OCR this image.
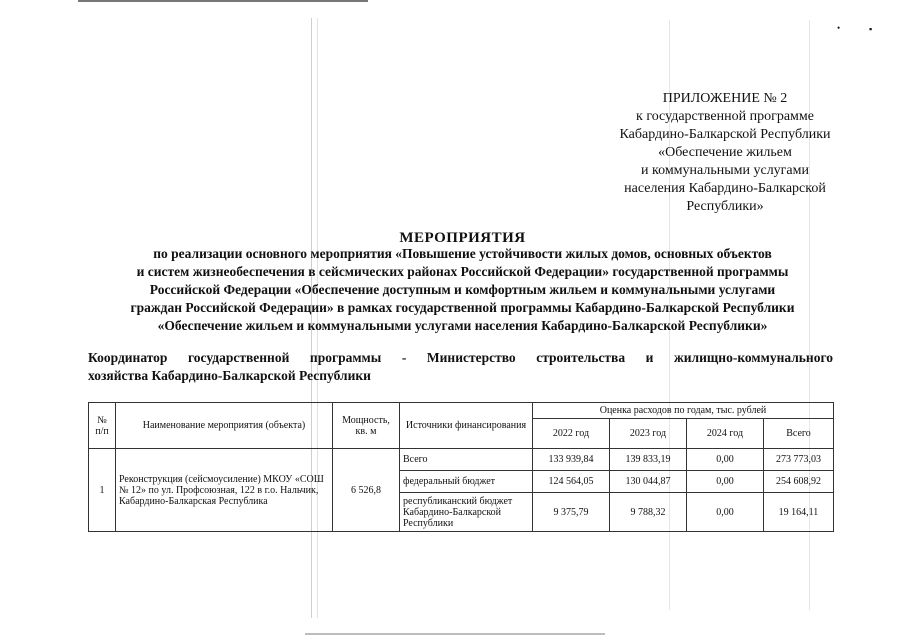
•	▪
ПРИЛОЖЕНИЕ № 2
к государственной программе
Кабардино-Балкарской Республики
«Обеспечение жильем
и коммунальными услугами
населения Кабардино-Балкарской
Республики»
МЕРОПРИЯТИЯ
по реализации основного мероприятия «Повышение устойчивости жилых домов, основных объектов
и систем жизнеобеспечения в сейсмических районах Российской Федерации» государственной программы
Российской Федерации «Обеспечение доступным и комфортным жильем и коммунальными услугами
граждан Российской Федерации» в рамках государственной программы Кабардино-Балкарской Республики
«Обеспечение жильем и коммунальными услугами населения Кабардино-Балкарской Республики»
Координатор государственной программы - Министерство строительства и жилищно-коммунального
хозяйства Кабардино-Балкарской Республики
№ п/п	Наименование мероприятия (объекта)	Мощность, кв. м	Источники финансирования	Оценка расходов по годам, тыс. рублей			
				2022 год	2023 год	2024 год	Всего
1	Реконструкция (сейсмоусиление) МКОУ «СОШ № 12» по ул. Профсоюзная, 122 в г.о. Нальчик, Кабардино-Балкарская Республика	6 526,8	Всего	133 939,84	139 833,19	0,00	273 773,03
			федеральный бюджет	124 564,05	130 044,87	0,00	254 608,92
			республиканский бюджет Кабардино-Балкарской Республики	9 375,79	9 788,32	0,00	19 164,11
